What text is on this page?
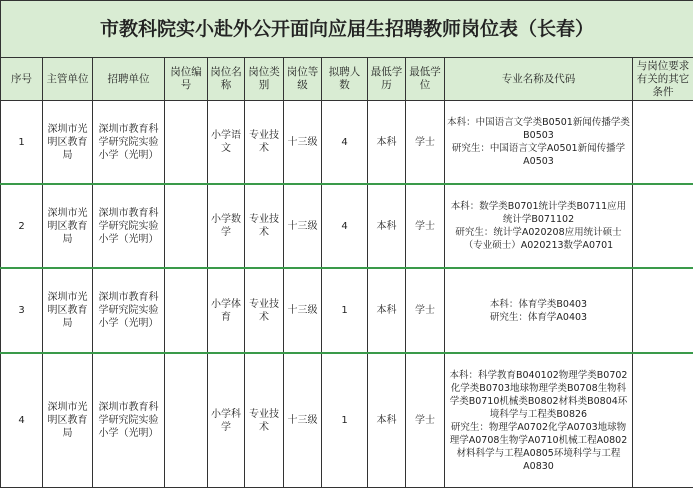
市教科院实小赴外公开面向应届生招聘教师岗位表（长春）											
序号	主管单位	招聘单位	岗位编号	岗位名称	岗位类别	岗位等级	拟聘人数	最低学历	最低学位	专业名称及代码	与岗位要求有关的其它条件
1	深圳市光明区教育局	深圳市教育科学研究院实验小学（光明）		小学语文	专业技术	十三级	4	本科	学士	本科：中国语言文学类B0501新闻传播学类B0503
研究生：中国语言文学A0501新闻传播学A0503	

2	深圳市光明区教育局	深圳市教育科学研究院实验小学（光明）		小学数学	专业技术	十三级	4	本科	学士	本科：数学类B0701统计学类B0711应用统计学B071102
研究生：统计学A020208应用统计硕士（专业硕士）A020213数学A0701	

3	深圳市光明区教育局	深圳市教育科学研究院实验小学（光明）		小学体育	专业技术	十三级	1	本科	学士	本科：体育学类B0403
研究生：体育学A0403	

4	深圳市光明区教育局	深圳市教育科学研究院实验小学（光明）		小学科学	专业技术	十三级	1	本科	学士	本科：科学教育B040102物理学类B0702化学类B0703地球物理学类B0708生物科学类B0710机械类B0802材料类B0804环境科学与工程类B0826
研究生：物理学A0702化学A0703地球物理学A0708生物学A0710机械工程A0802材料科学与工程A0805环境科学与工程A0830	
